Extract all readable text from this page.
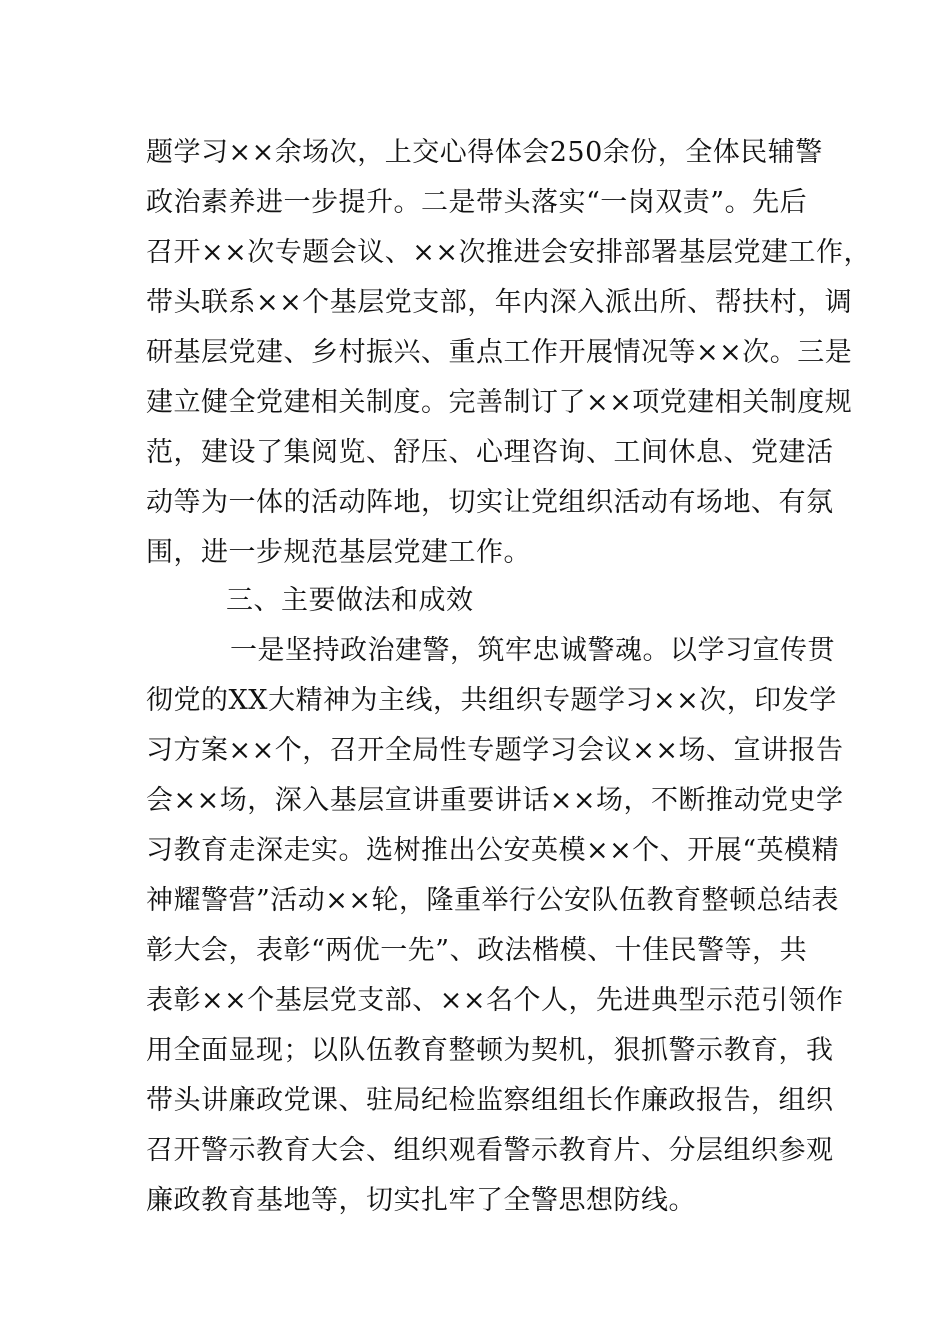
题学习××余场次，上交心得体会250余份，全体民辅警
政治素养进一步提升。二是带头落实“一岗双责”。先后
召开××次专题会议、××次推进会安排部署基层党建工作，
带头联系××个基层党支部，年内深入派出所、帮扶村，调
研基层党建、乡村振兴、重点工作开展情况等××次。三是
建立健全党建相关制度。完善制订了××项党建相关制度规
范，建设了集阅览、舒压、心理咨询、工间休息、党建活
动等为一体的活动阵地，切实让党组织活动有场地、有氛
围，进一步规范基层党建工作。
三、主要做法和成效
一是坚持政治建警，筑牢忠诚警魂。以学习宣传贯
彻党的XX大精神为主线，共组织专题学习××次，印发学
习方案××个，召开全局性专题学习会议××场、宣讲报告
会××场，深入基层宣讲重要讲话××场，不断推动党史学
习教育走深走实。选树推出公安英模××个、开展“英模精
神耀警营”活动××轮，隆重举行公安队伍教育整顿总结表
彰大会，表彰“两优一先”、政法楷模、十佳民警等，共
表彰××个基层党支部、××名个人，先进典型示范引领作
用全面显现；以队伍教育整顿为契机，狠抓警示教育，我
带头讲廉政党课、驻局纪检监察组组长作廉政报告，组织
召开警示教育大会、组织观看警示教育片、分层组织参观
廉政教育基地等，切实扎牢了全警思想防线。
